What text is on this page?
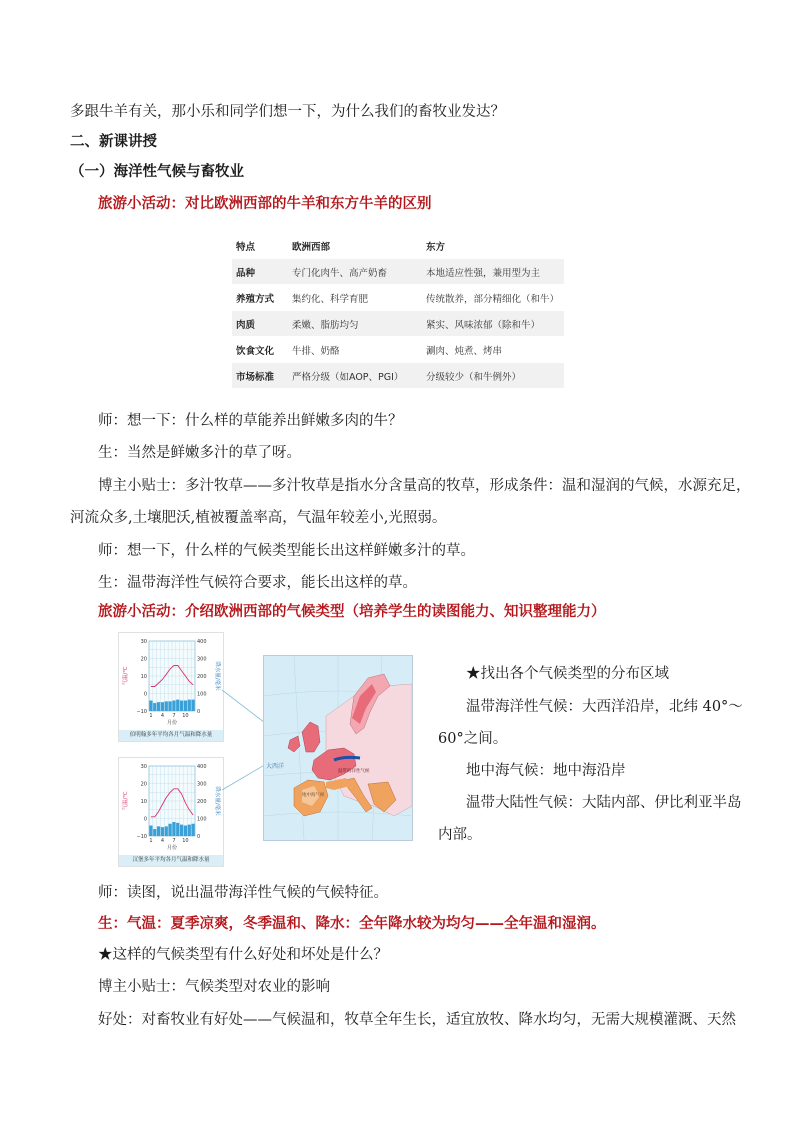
多跟牛羊有关，那小乐和同学们想一下，为什么我们的畜牧业发达？
二、新课讲授
（一）海洋性气候与畜牧业
旅游小活动：对比欧洲西部的牛羊和东方牛羊的区别
特点	欧洲西部	东方
品种	专门化肉牛、高产奶畜	本地适应性强，兼用型为主
养殖方式	集约化、科学育肥	传统散养，部分精细化（和牛）
肉质	柔嫩、脂肪均匀	紧实、风味浓郁（除和牛）
饮食文化	牛排、奶酪	涮肉、炖煮、烤串
市场标准	严格分级（如AOP、PGI）	分级较少（和牛例外）
师：想一下：什么样的草能养出鲜嫩多肉的牛？
生：当然是鲜嫩多汁的草了呀。
博主小贴士：多汁牧草——多汁牧草是指水分含量高的牧草，形成条件：温和湿润的气候，水源充足，
河流众多,土壤肥沃,植被覆盖率高，气温年较差小,光照弱。
师：想一下，什么样的气候类型能长出这样鲜嫩多汁的草。
生：温带海洋性气候符合要求，能长出这样的草。
旅游小活动：介绍欧洲西部的气候类型（培养学生的读图能力、知识整理能力）
30
20
10
0
−10
400
300
200
100
0
1 4 7 10
月份
气温/℃	降水量/毫米
伯明翰多年平均各月气温和降水量
30
20
10
0
−10
400
300
200
100
0
1 4 7 10
月份
气温/℃	降水量/毫米
汉堡多年平均各月气温和降水量
大西洋
温带海洋性气候
地中海气候
★找出各个气候类型的分布区域
温带海洋性气候：大西洋沿岸，北纬 40°～
60°之间。
地中海气候：地中海沿岸
温带大陆性气候：大陆内部、伊比利亚半岛
内部。
师：读图，说出温带海洋性气候的气候特征。
生：气温：夏季凉爽，冬季温和、降水：全年降水较为均匀——全年温和湿润。
★这样的气候类型有什么好处和坏处是什么？
博主小贴士：气候类型对农业的影响
好处：对畜牧业有好处——气候温和，牧草全年生长，适宜放牧、降水均匀，无需大规模灌溉、天然
